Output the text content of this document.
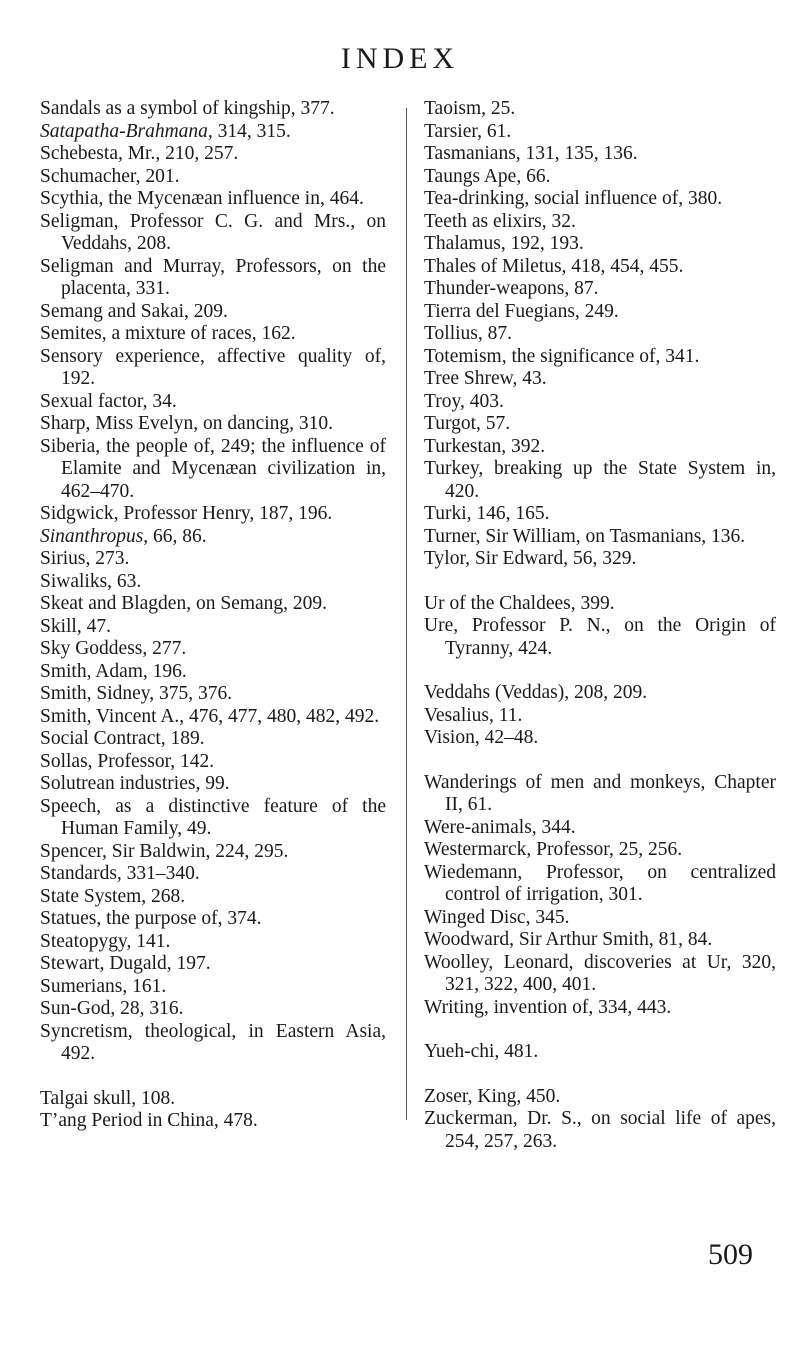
INDEX
Sandals as a symbol of kingship, 377.
Satapatha-Brahmana, 314, 315.
Schebesta, Mr., 210, 257.
Schumacher, 201.
Scythia, the Mycenæan influence in, 464.
Seligman, Professor C. G. and Mrs., on Veddahs, 208.
Seligman and Murray, Professors, on the placenta, 331.
Semang and Sakai, 209.
Semites, a mixture of races, 162.
Sensory experience, affective quality of, 192.
Sexual factor, 34.
Sharp, Miss Evelyn, on dancing, 310.
Siberia, the people of, 249; the influence of Elamite and Mycenæan civilization in, 462–470.
Sidgwick, Professor Henry, 187, 196.
Sinanthropus, 66, 86.
Sirius, 273.
Siwaliks, 63.
Skeat and Blagden, on Semang, 209.
Skill, 47.
Sky Goddess, 277.
Smith, Adam, 196.
Smith, Sidney, 375, 376.
Smith, Vincent A., 476, 477, 480, 482, 492.
Social Contract, 189.
Sollas, Professor, 142.
Solutrean industries, 99.
Speech, as a distinctive feature of the Human Family, 49.
Spencer, Sir Baldwin, 224, 295.
Standards, 331–340.
State System, 268.
Statues, the purpose of, 374.
Steatopygy, 141.
Stewart, Dugald, 197.
Sumerians, 161.
Sun-God, 28, 316.
Syncretism, theological, in Eastern Asia, 492.
Talgai skull, 108.
T’ang Period in China, 478.
Taoism, 25.
Tarsier, 61.
Tasmanians, 131, 135, 136.
Taungs Ape, 66.
Tea-drinking, social influence of, 380.
Teeth as elixirs, 32.
Thalamus, 192, 193.
Thales of Miletus, 418, 454, 455.
Thunder-weapons, 87.
Tierra del Fuegians, 249.
Tollius, 87.
Totemism, the significance of, 341.
Tree Shrew, 43.
Troy, 403.
Turgot, 57.
Turkestan, 392.
Turkey, breaking up the State System in, 420.
Turki, 146, 165.
Turner, Sir William, on Tasmanians, 136.
Tylor, Sir Edward, 56, 329.
Ur of the Chaldees, 399.
Ure, Professor P. N., on the Origin of Tyranny, 424.
Veddahs (Veddas), 208, 209.
Vesalius, 11.
Vision, 42–48.
Wanderings of men and monkeys, Chapter II, 61.
Were-animals, 344.
Westermarck, Professor, 25, 256.
Wiedemann, Professor, on centralized control of irrigation, 301.
Winged Disc, 345.
Woodward, Sir Arthur Smith, 81, 84.
Woolley, Leonard, discoveries at Ur, 320, 321, 322, 400, 401.
Writing, invention of, 334, 443.
Yueh-chi, 481.
Zoser, King, 450.
Zuckerman, Dr. S., on social life of apes, 254, 257, 263.
509
